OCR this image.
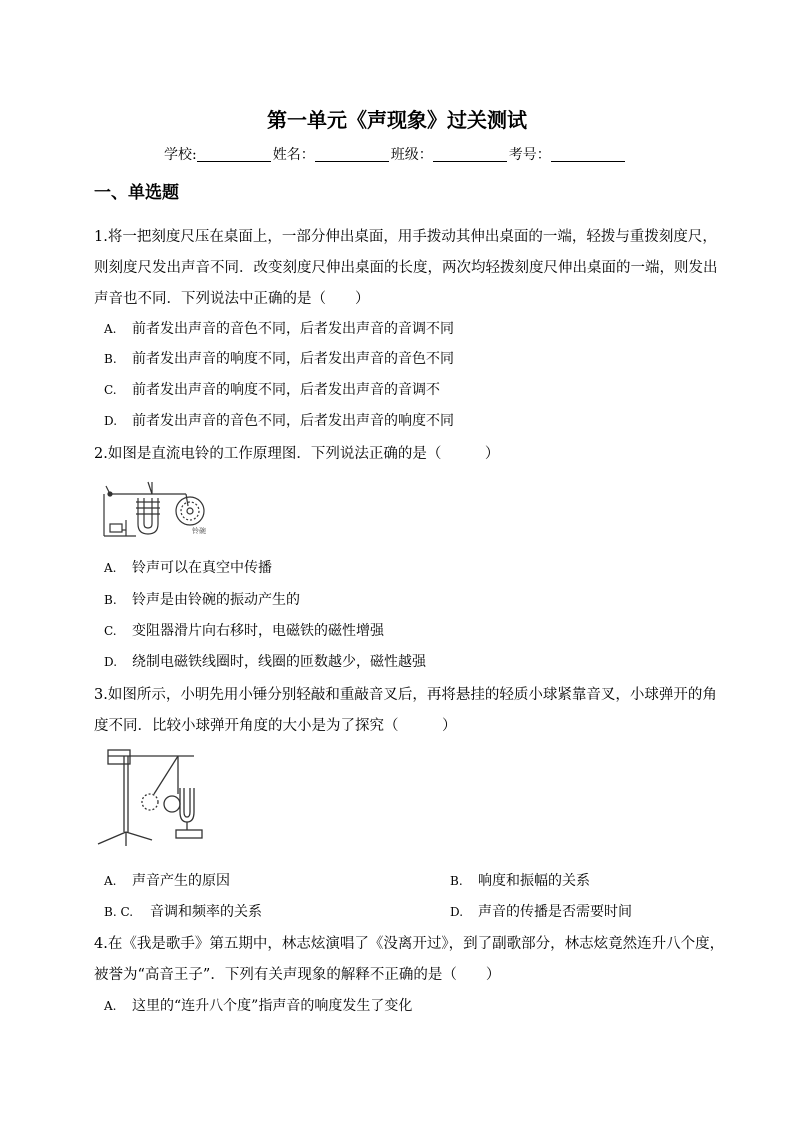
第一单元《声现象》过关测试
学校:	姓名：	班级：	考号：
一、单选题
1.将一把刻度尺压在桌面上，一部分伸出桌面，用手拨动其伸出桌面的一端，轻拨与重拨刻度尺，
则刻度尺发出声音不同．改变刻度尺伸出桌面的长度，两次均轻拨刻度尺伸出桌面的一端，则发出
声音也不同．下列说法中正确的是（　　）
A. 前者发出声音的音色不同，后者发出声音的音调不同
B. 前者发出声音的响度不同，后者发出声音的音色不同
C. 前者发出声音的响度不同，后者发出声音的音调不
D. 前者发出声音的音色不同，后者发出声音的响度不同
2.如图是直流电铃的工作原理图．下列说法正确的是（　　　）
铃碗
A. 铃声可以在真空中传播
B. 铃声是由铃碗的振动产生的
C. 变阻器滑片向右移时，电磁铁的磁性增强
D. 绕制电磁铁线圈时，线圈的匝数越少，磁性越强
3.如图所示，小明先用小锤分别轻敲和重敲音叉后，再将悬挂的轻质小球紧靠音叉，小球弹开的角
度不同．比较小球弹开角度的大小是为了探究（　　　）
A. 声音产生的原因	B. 响度和振幅的关系
B. C. 音调和频率的关系	D. 声音的传播是否需要时间
4.在《我是歌手》第五期中，林志炫演唱了《没离开过》，到了副歌部分，林志炫竟然连升八个度，
被誉为“高音王子”．下列有关声现象的解释不正确的是（　　）
A. 这里的“连升八个度”指声音的响度发生了变化
